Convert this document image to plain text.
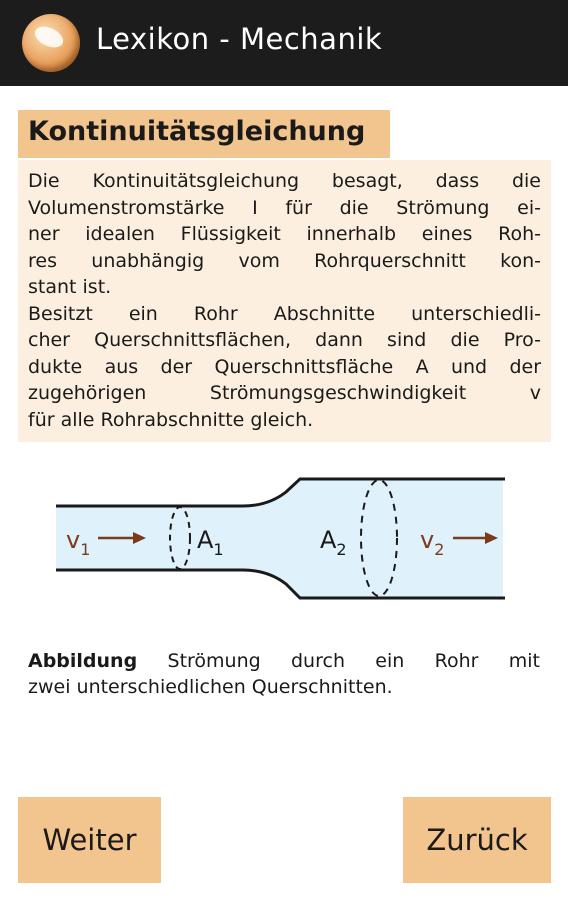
Lexikon - Mechanik
Kontinuitätsgleichung
Die Kontinuitätsgleichung besagt, dass die
Volumenstromstärke I für die Strömung ei-
ner idealen Flüssigkeit innerhalb eines Roh-
res unabhängig vom Rohrquerschnitt kon-
stant ist.
Besitzt ein Rohr Abschnitte unterschiedli-
cher Querschnittsflächen, dann sind die Pro-
dukte aus der Querschnittsfläche A und der
zugehörigen Strömungsgeschwindigkeit v
für alle Rohrabschnitte gleich.
$v_1$	$A_1$	$A_2$	$v_2$
Abbildung Strömung durch ein Rohr mit
zwei unterschiedlichen Querschnitten.
Weiter	Zurück
